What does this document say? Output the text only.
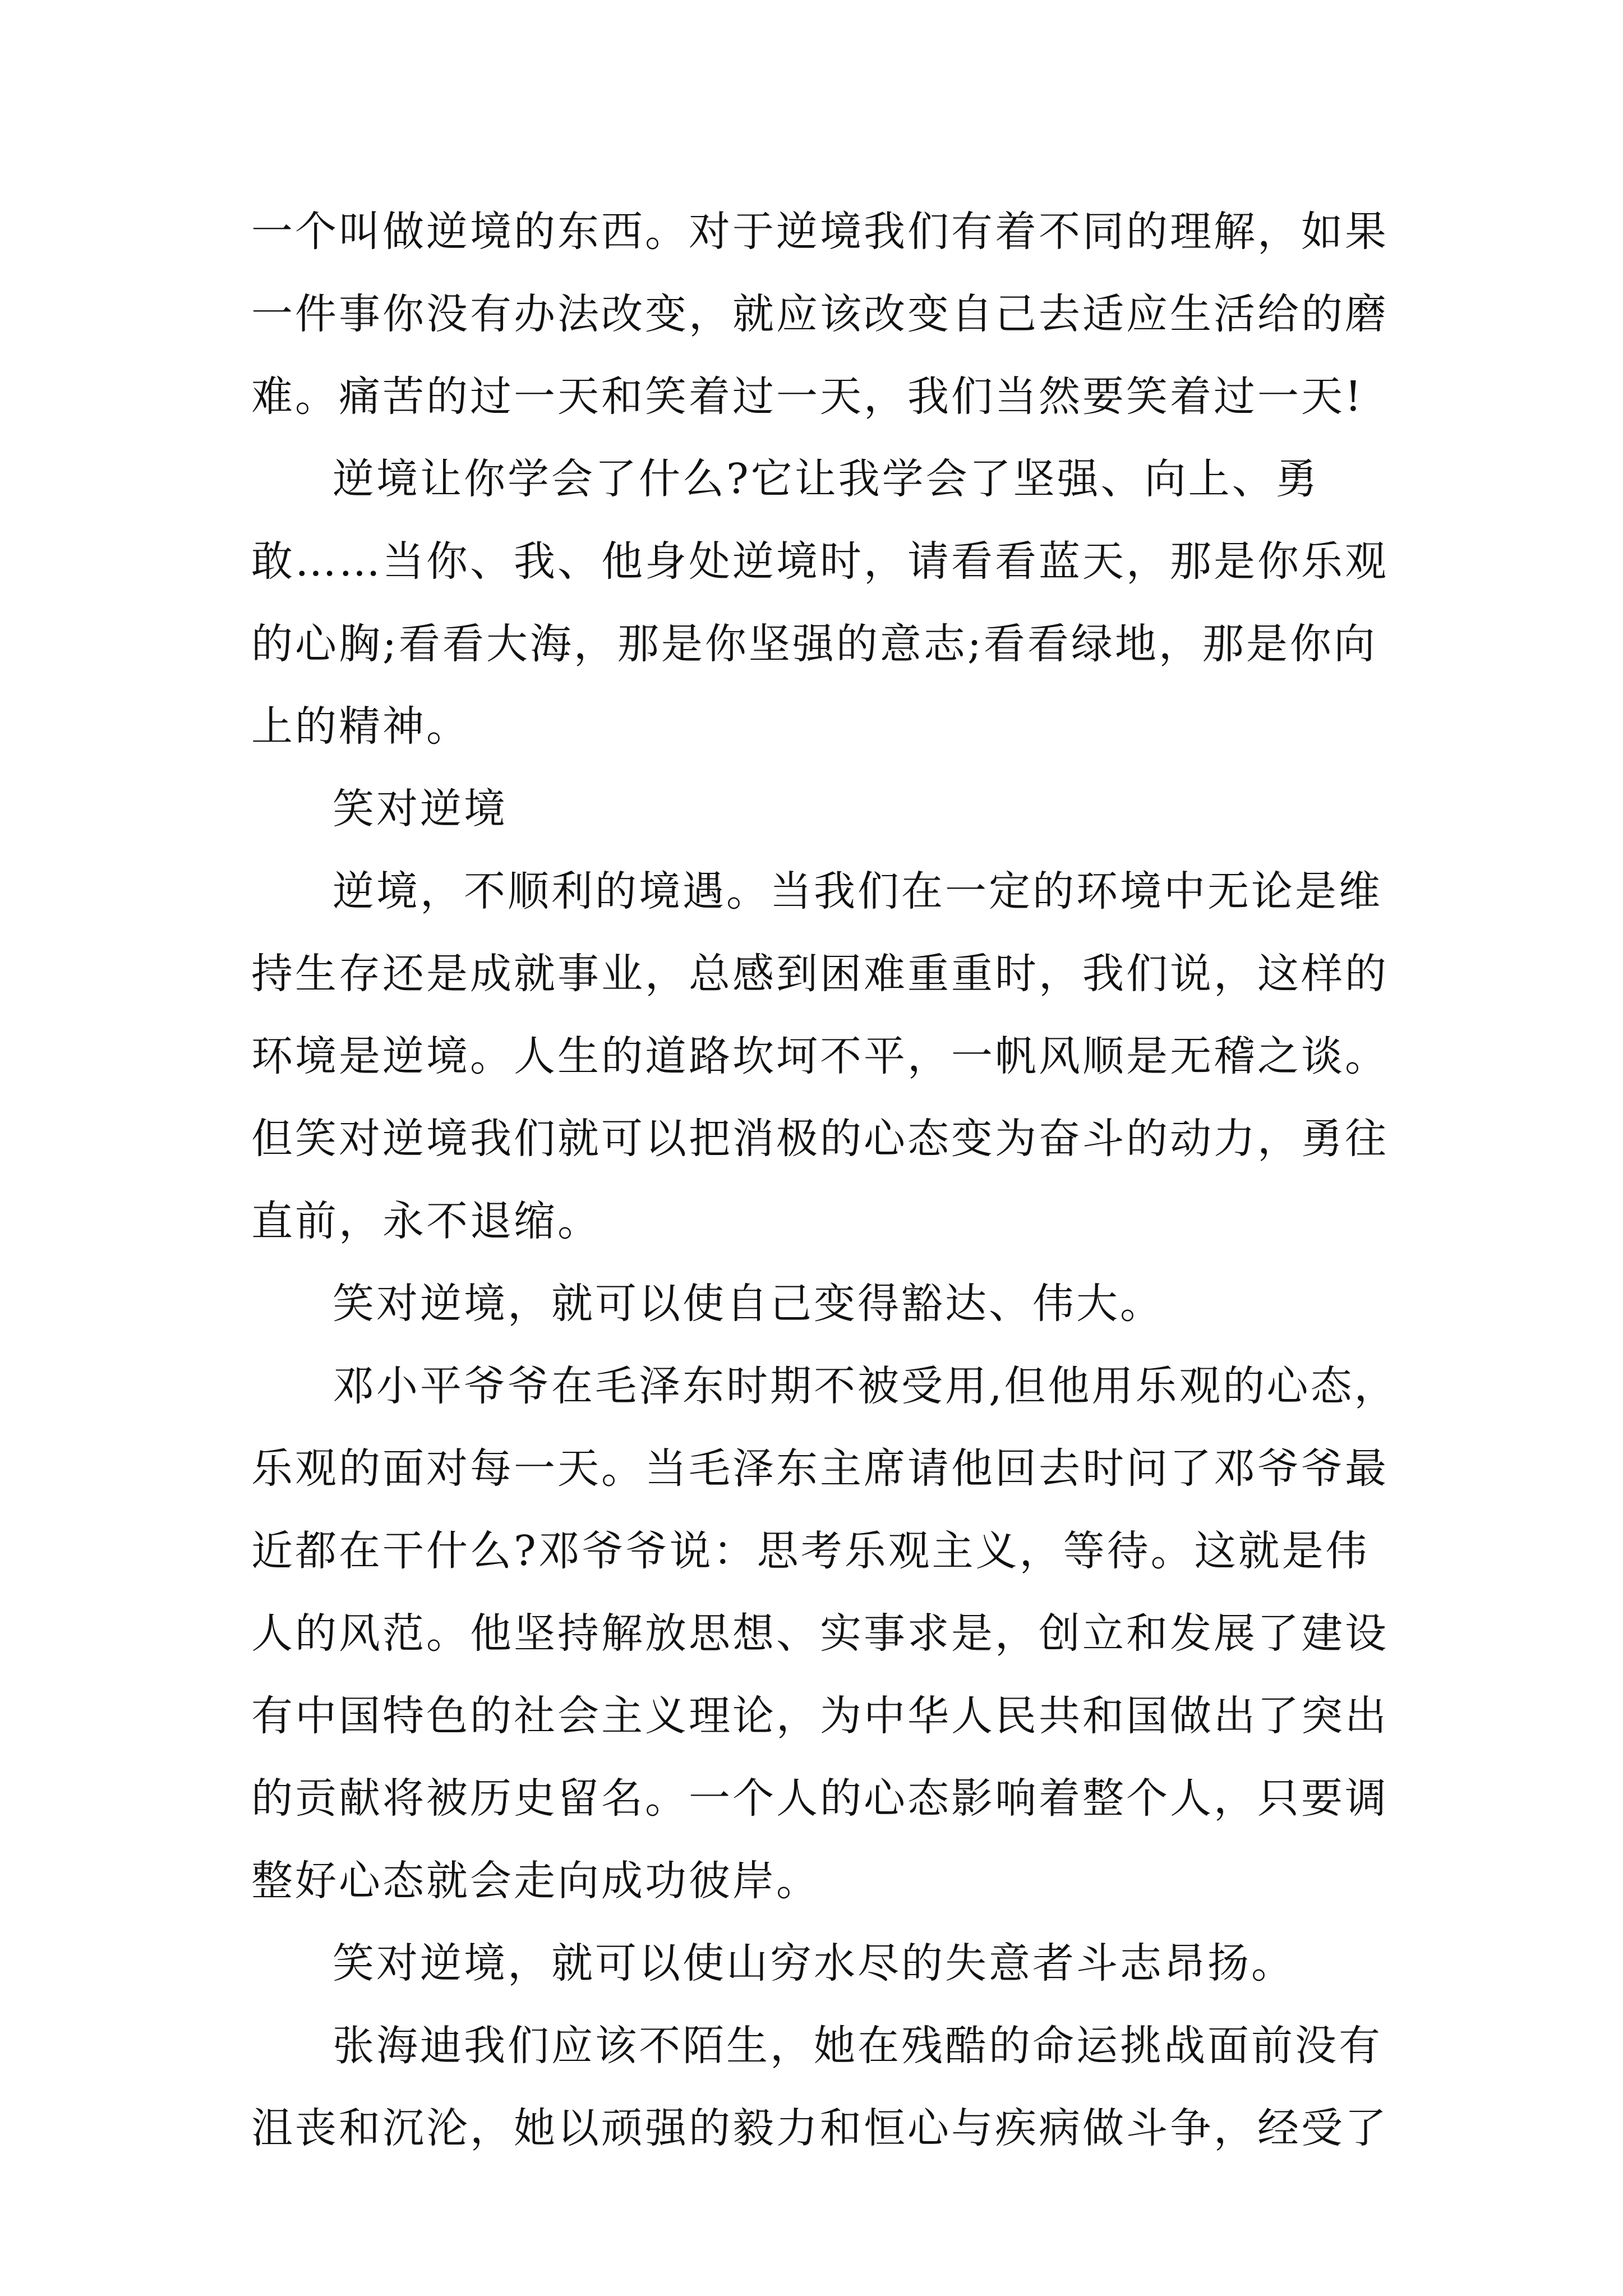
一个叫做逆境的东西。对于逆境我们有着不同的理解，如果
一件事你没有办法改变，就应该改变自己去适应生活给的磨
难。痛苦的过一天和笑着过一天，我们当然要笑着过一天!
逆境让你学会了什么?它让我学会了坚强、向上、勇
敢……当你、我、他身处逆境时，请看看蓝天，那是你乐观
的心胸;看看大海，那是你坚强的意志;看看绿地，那是你向
上的精神。
笑对逆境
逆境，不顺利的境遇。当我们在一定的环境中无论是维
持生存还是成就事业，总感到困难重重时，我们说，这样的
环境是逆境。人生的道路坎坷不平，一帆风顺是无稽之谈。
但笑对逆境我们就可以把消极的心态变为奋斗的动力，勇往
直前，永不退缩。
笑对逆境，就可以使自己变得豁达、伟大。
邓小平爷爷在毛泽东时期不被受用,但他用乐观的心态，
乐观的面对每一天。当毛泽东主席请他回去时问了邓爷爷最
近都在干什么?邓爷爷说：思考乐观主义，等待。这就是伟
人的风范。他坚持解放思想、实事求是，创立和发展了建设
有中国特色的社会主义理论，为中华人民共和国做出了突出
的贡献将被历史留名。一个人的心态影响着整个人，只要调
整好心态就会走向成功彼岸。
笑对逆境，就可以使山穷水尽的失意者斗志昂扬。
张海迪我们应该不陌生，她在残酷的命运挑战面前没有
沮丧和沉沦，她以顽强的毅力和恒心与疾病做斗争，经受了
